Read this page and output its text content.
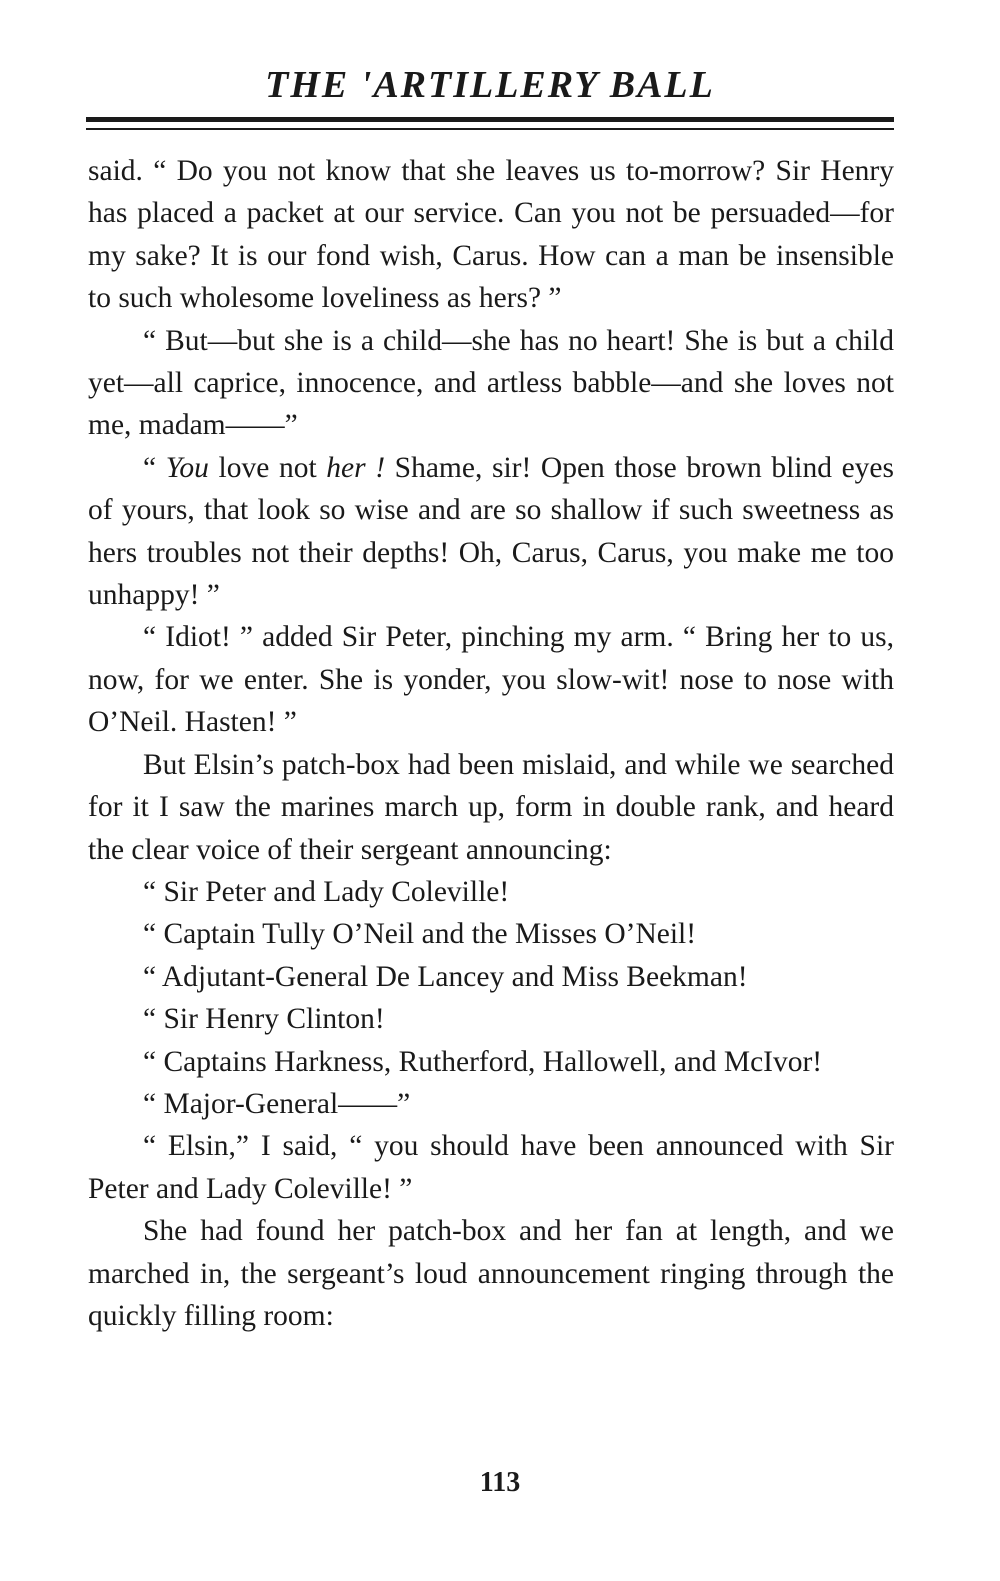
THE 'ARTILLERY BALL

said. “ Do you not know that she leaves us to-morrow? Sir Henry has placed a packet at our service. Can you not be persuaded—for my sake? It is our fond wish, Carus. How can a man be insensible to such wholesome loveliness as hers? ”

“ But—but she is a child—she has no heart! She is but a child yet—all caprice, innocence, and artless babble—and she loves not me, madam——”

“ You love not her ! Shame, sir! Open those brown blind eyes of yours, that look so wise and are so shallow if such sweetness as hers troubles not their depths! Oh, Carus, Carus, you make me too unhappy! ”

“ Idiot! ” added Sir Peter, pinching my arm. “ Bring her to us, now, for we enter. She is yonder, you slow-wit! nose to nose with O’Neil. Hasten! ”

But Elsin’s patch-box had been mislaid, and while we searched for it I saw the marines march up, form in double rank, and heard the clear voice of their sergeant announcing:

“ Sir Peter and Lady Coleville!

“ Captain Tully O’Neil and the Misses O’Neil!

“ Adjutant-General De Lancey and Miss Beekman!

“ Sir Henry Clinton!

“ Captains Harkness, Rutherford, Hallowell, and McIvor!

“ Major-General——”

“ Elsin,” I said, “ you should have been announced with Sir Peter and Lady Coleville! ”

She had found her patch-box and her fan at length, and we marched in, the sergeant’s loud announcement ringing through the quickly filling room:

113
